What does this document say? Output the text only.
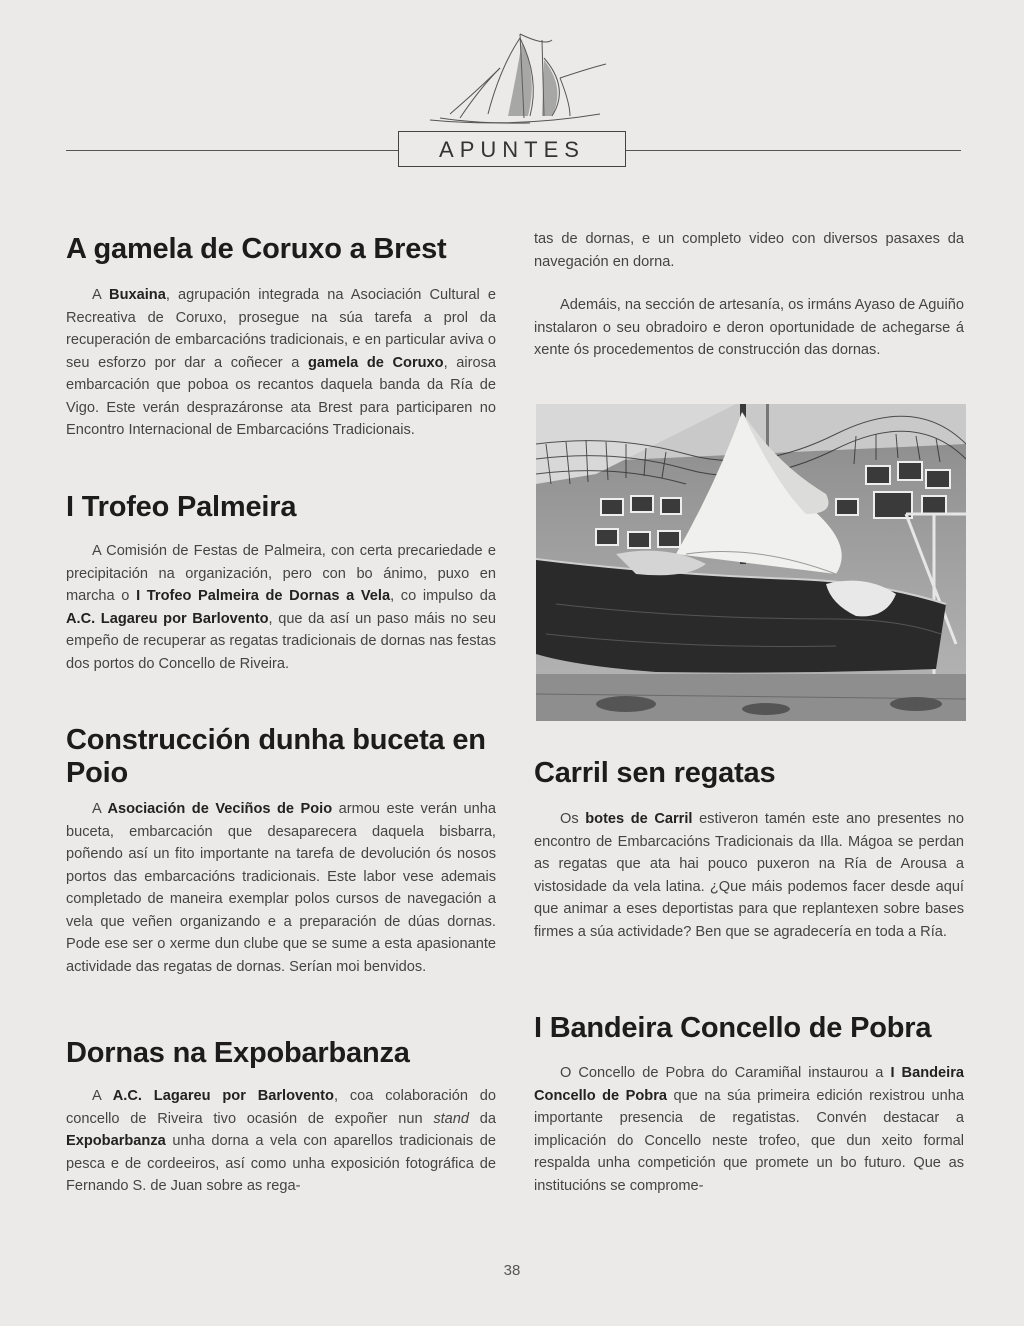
APUNTES
A gamela de Coruxo a Brest

A Buxaina, agrupación integrada na Asociación Cultural e Recreativa de Coruxo, prosegue na súa tarefa a prol da recuperación de embarcacións tradicionais, e en particular aviva o seu esforzo por dar a coñecer a gamela de Coruxo, airosa embarcación que poboa os recantos daquela banda da Ría de Vigo. Este verán desprazáronse ata Brest para participaren no Encontro Internacional de Embarcacións Tradicionais.

I Trofeo Palmeira

A Comisión de Festas de Palmeira, con certa precariedade e precipitación na organización, pero con bo ánimo, puxo en marcha o I Trofeo Palmeira de Dornas a Vela, co impulso da A.C. Lagareu por Barlovento, que da así un paso máis no seu empeño de recuperar as regatas tradicionais de dornas nas festas dos portos do Concello de Riveira.

Construcción dunha buceta en Poio

A Asociación de Veciños de Poio armou este verán unha buceta, embarcación que desaparecera daquela bisbarra, poñendo así un fito importante na tarefa de devolución ós nosos portos das embarcacións tradicionais. Este labor vese ademais completado de maneira exemplar polos cursos de navegación a vela que veñen organizando e a preparación de dúas dornas. Pode ese ser o xerme dun clube que se sume a esta apasionante actividade das regatas de dornas. Serían moi benvidos.

Dornas na Expobarbanza

A A.C. Lagareu por Barlovento, coa colaboración do concello de Riveira tivo ocasión de expoñer nun stand da Expobarbanza unha dorna a vela con aparellos tradicionais de pesca e de cordeeiros, así como unha exposición fotográfica de Fernando S. de Juan sobre as rega-

tas de dornas, e un completo video con diversos pasaxes da navegación en dorna.

Ademáis, na sección de artesanía, os irmáns Ayaso de Aguiño instalaron o seu obradoiro e deron oportunidade de achegarse á xente ós procedementos de construcción das dornas.

Carril sen regatas

Os botes de Carril estiveron tamén este ano presentes no encontro de Embarcacións Tradicionais da Illa. Mágoa se perdan as regatas que ata hai pouco puxeron na Ría de Arousa a vistosidade da vela latina. ¿Que máis podemos facer desde aquí que animar a eses deportistas para que replantexen sobre bases firmes a súa actividade? Ben que se agradecería en toda a Ría.

I Bandeira Concello de Pobra

O Concello de Pobra do Caramiñal instaurou a I Bandeira Concello de Pobra que na súa primeira edición rexistrou unha importante presencia de regatistas. Convén destacar a implicación do Concello neste trofeo, que dun xeito formal respalda unha competición que promete un bo futuro. Que as institucións se comprome-

38
